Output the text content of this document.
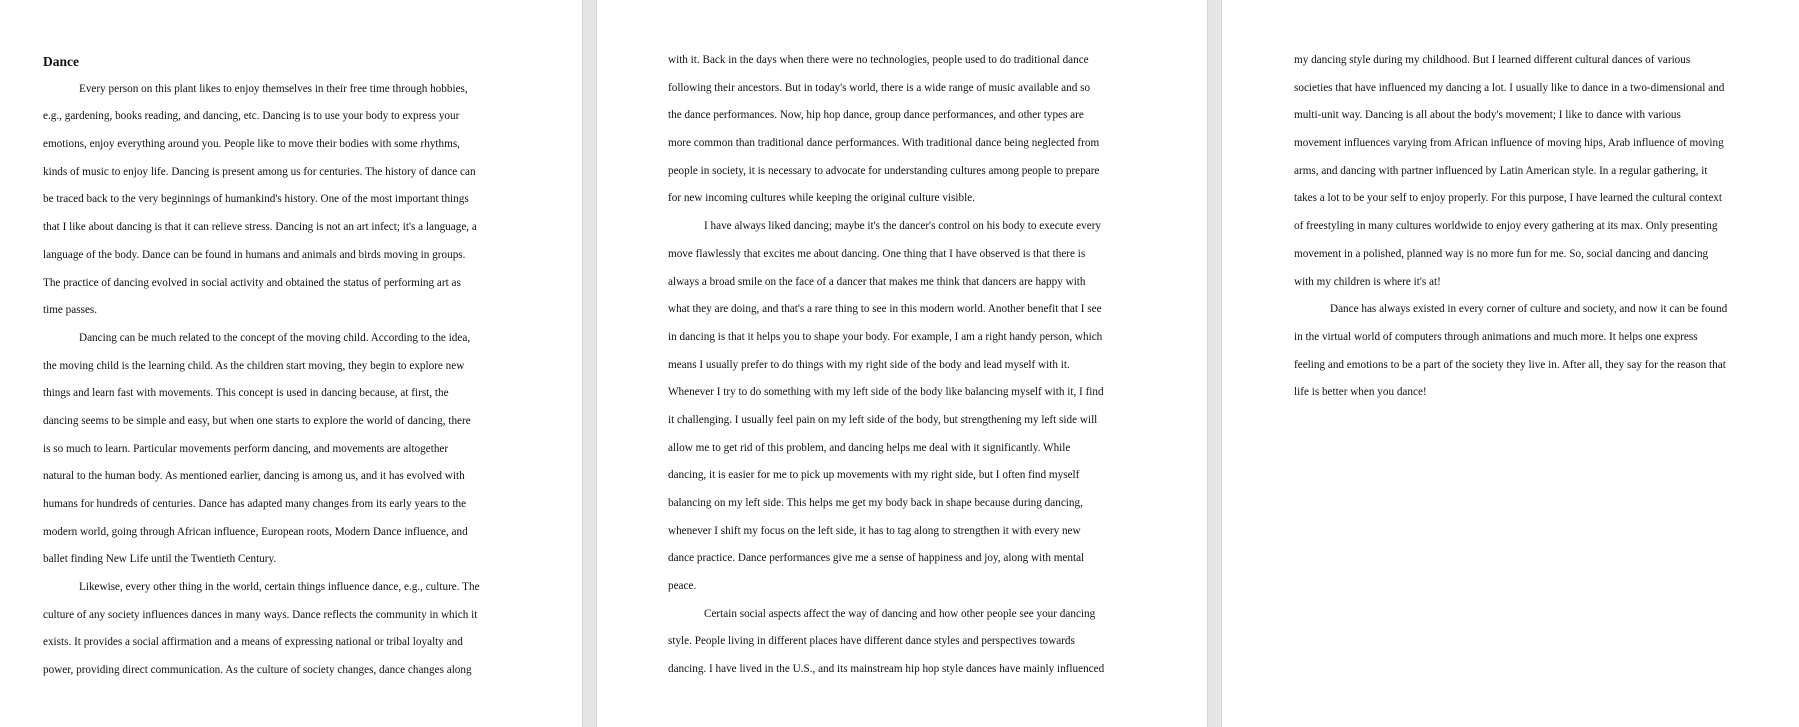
Dance
Every person on this plant likes to enjoy themselves in their free time through hobbies,
e.g., gardening, books reading, and dancing, etc. Dancing is to use your body to express your
emotions, enjoy everything around you. People like to move their bodies with some rhythms,
kinds of music to enjoy life. Dancing is present among us for centuries. The history of dance can
be traced back to the very beginnings of humankind's history. One of the most important things
that I like about dancing is that it can relieve stress. Dancing is not an art infect; it's a language, a
language of the body. Dance can be found in humans and animals and birds moving in groups.
The practice of dancing evolved in social activity and obtained the status of performing art as
time passes.
Dancing can be much related to the concept of the moving child. According to the idea,
the moving child is the learning child. As the children start moving, they begin to explore new
things and learn fast with movements. This concept is used in dancing because, at first, the
dancing seems to be simple and easy, but when one starts to explore the world of dancing, there
is so much to learn. Particular movements perform dancing, and movements are altogether
natural to the human body. As mentioned earlier, dancing is among us, and it has evolved with
humans for hundreds of centuries. Dance has adapted many changes from its early years to the
modern world, going through African influence, European roots, Modern Dance influence, and
ballet finding New Life until the Twentieth Century.
Likewise, every other thing in the world, certain things influence dance, e.g., culture. The
culture of any society influences dances in many ways. Dance reflects the community in which it
exists. It provides a social affirmation and a means of expressing national or tribal loyalty and
power, providing direct communication. As the culture of society changes, dance changes along
with it. Back in the days when there were no technologies, people used to do traditional dance
following their ancestors. But in today's world, there is a wide range of music available and so
the dance performances. Now, hip hop dance, group dance performances, and other types are
more common than traditional dance performances. With traditional dance being neglected from
people in society, it is necessary to advocate for understanding cultures among people to prepare
for new incoming cultures while keeping the original culture visible.
I have always liked dancing; maybe it's the dancer's control on his body to execute every
move flawlessly that excites me about dancing. One thing that I have observed is that there is
always a broad smile on the face of a dancer that makes me think that dancers are happy with
what they are doing, and that's a rare thing to see in this modern world. Another benefit that I see
in dancing is that it helps you to shape your body. For example, I am a right handy person, which
means I usually prefer to do things with my right side of the body and lead myself with it.
Whenever I try to do something with my left side of the body like balancing myself with it, I find
it challenging. I usually feel pain on my left side of the body, but strengthening my left side will
allow me to get rid of this problem, and dancing helps me deal with it significantly. While
dancing, it is easier for me to pick up movements with my right side, but I often find myself
balancing on my left side. This helps me get my body back in shape because during dancing,
whenever I shift my focus on the left side, it has to tag along to strengthen it with every new
dance practice. Dance performances give me a sense of happiness and joy, along with mental
peace.
Certain social aspects affect the way of dancing and how other people see your dancing
style. People living in different places have different dance styles and perspectives towards
dancing. I have lived in the U.S., and its mainstream hip hop style dances have mainly influenced
my dancing style during my childhood. But I learned different cultural dances of various
societies that have influenced my dancing a lot. I usually like to dance in a two-dimensional and
multi-unit way. Dancing is all about the body's movement; I like to dance with various
movement influences varying from African influence of moving hips, Arab influence of moving
arms, and dancing with partner influenced by Latin American style. In a regular gathering, it
takes a lot to be your self to enjoy properly. For this purpose, I have learned the cultural context
of freestyling in many cultures worldwide to enjoy every gathering at its max. Only presenting
movement in a polished, planned way is no more fun for me. So, social dancing and dancing
with my children is where it's at!
Dance has always existed in every corner of culture and society, and now it can be found
in the virtual world of computers through animations and much more. It helps one express
feeling and emotions to be a part of the society they live in. After all, they say for the reason that
life is better when you dance!
